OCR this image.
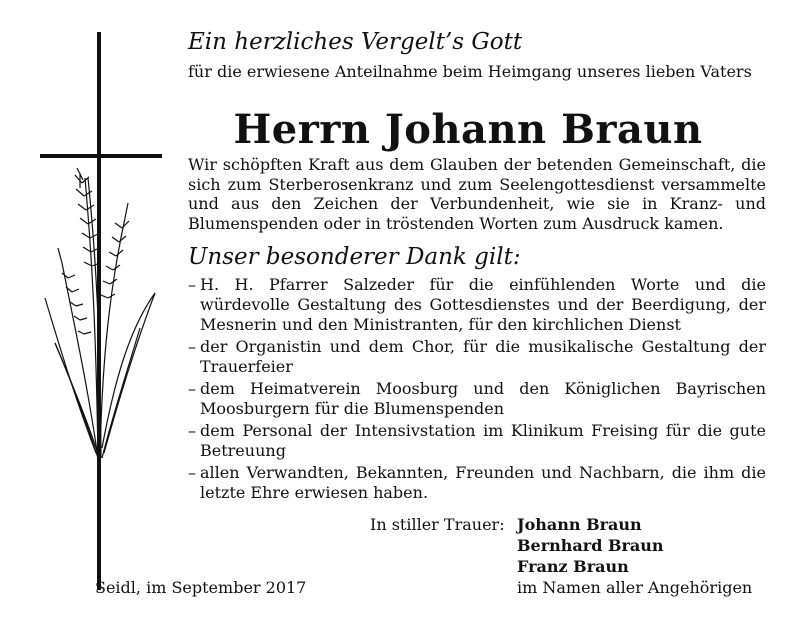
Ein herzliches Vergelt’s Gott
für die erwiesene Anteilnahme beim Heimgang unseres lieben Vaters
Herrn Johann Braun
Wir schöpften Kraft aus dem Glauben der betenden Gemeinschaft, die sich zum Sterberosenkranz und zum Seelengottesdienst versammelte und aus den Zeichen der Verbundenheit, wie sie in Kranz- und Blumenspenden oder in tröstenden Worten zum Ausdruck kamen.
Unser besonderer Dank gilt:
– H. H. Pfarrer Salzeder für die einfühlenden Worte und die würdevolle Gestaltung des Gottesdienstes und der Beerdigung, der Mesnerin und den Ministranten, für den kirchlichen Dienst
– der Organistin und dem Chor, für die musikalische Gestaltung der Trauerfeier
– dem Heimatverein Moosburg und den Königlichen Bayrischen Moosburgern für die Blumenspenden
– dem Personal der Intensivstation im Klinikum Freising für die gute Betreuung
– allen Verwandten, Bekannten, Freunden und Nachbarn, die ihm die letzte Ehre erwiesen haben.
In stiller Trauer: Johann Braun
Bernhard Braun
Franz Braun
im Namen aller Angehörigen
Seidl, im September 2017
